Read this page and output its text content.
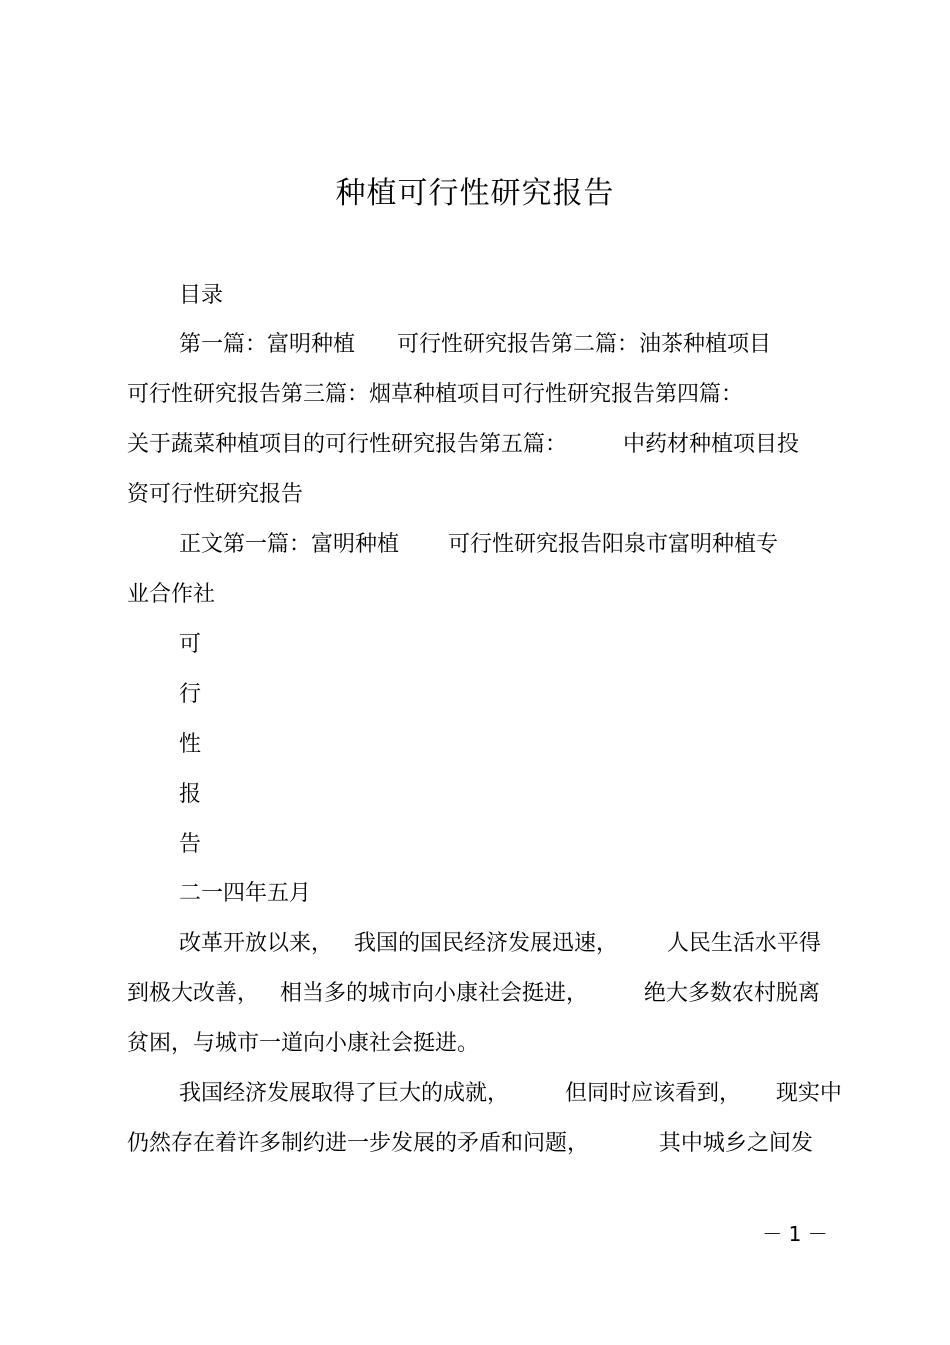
种植可行性研究报告
目录
第一篇：富明种植      可行性研究报告第二篇：油茶种植项目
可行性研究报告第三篇：烟草种植项目可行性研究报告第四篇：
关于蔬菜种植项目的可行性研究报告第五篇：        中药材种植项目投
资可行性研究报告
正文第一篇：富明种植       可行性研究报告阳泉市富明种植专
业合作社
可
行
性
报
告
二一四年五月
改革开放以来，   我国的国民经济发展迅速，       人民生活水平得
到极大改善，   相当多的城市向小康社会挺进，        绝大多数农村脱离
贫困，与城市一道向小康社会挺进。
我国经济发展取得了巨大的成就，        但同时应该看到，     现实中
仍然存在着许多制约进一步发展的矛盾和问题，          其中城乡之间发
－ 1 －
